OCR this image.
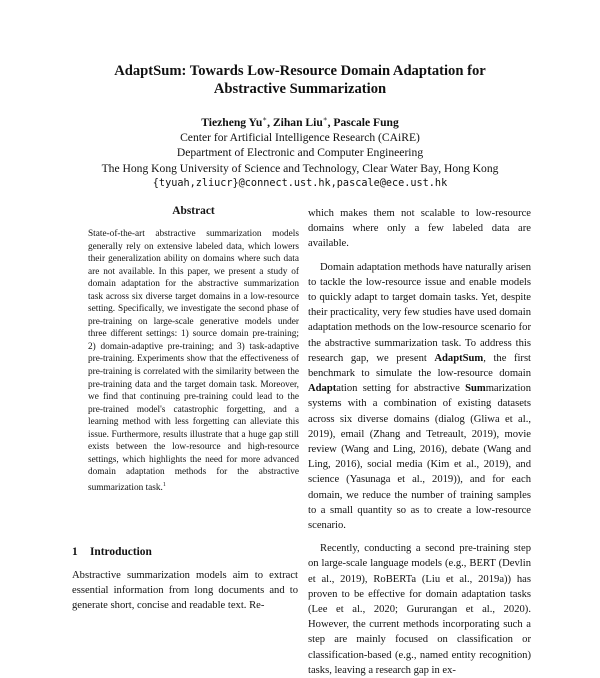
AdaptSum: Towards Low-Resource Domain Adaptation for
Abstractive Summarization
Tiezheng Yu∗, Zihan Liu∗, Pascale Fung
Center for Artificial Intelligence Research (CAiRE)
Department of Electronic and Computer Engineering
The Hong Kong University of Science and Technology, Clear Water Bay, Hong Kong
{tyuah,zliucr}@connect.ust.hk,pascale@ece.ust.hk
Abstract

State-of-the-art abstractive summarization models generally rely on extensive labeled data, which lowers their generalization ability on domains where such data are not available. In this paper, we present a study of domain adaptation for the abstractive summarization task across six diverse target domains in a low-resource setting. Specifically, we investigate the second phase of pre-training on large-scale generative models under three different settings: 1) source domain pre-training; 2) domain-adaptive pre-training; and 3) task-adaptive pre-training. Experiments show that the effectiveness of pre-training is correlated with the similarity between the pre-training data and the target domain task. Moreover, we find that continuing pre-training could lead to the pre-trained model's catastrophic forgetting, and a learning method with less forgetting can alleviate this issue. Furthermore, results illustrate that a huge gap still exists between the low-resource and high-resource settings, which highlights the need for more advanced domain adaptation methods for the abstractive summarization task.$^1$

1 Introduction

Abstractive summarization models aim to extract essential information from long documents and to generate short, concise and readable text. Re-

which makes them not scalable to low-resource domains where only a few labeled data are available.

Domain adaptation methods have naturally arisen to tackle the low-resource issue and enable models to quickly adapt to target domain tasks. Yet, despite their practicality, very few studies have used domain adaptation methods on the low-resource scenario for the abstractive summarization task. To address this research gap, we present AdaptSum, the first benchmark to simulate the low-resource domain Adaptation setting for abstractive Summarization systems with a combination of existing datasets across six diverse domains (dialog (Gliwa et al., 2019), email (Zhang and Tetreault, 2019), movie review (Wang and Ling, 2016), debate (Wang and Ling, 2016), social media (Kim et al., 2019), and science (Yasunaga et al., 2019)), and for each domain, we reduce the number of training samples to a small quantity so as to create a low-resource scenario.

Recently, conducting a second pre-training step on large-scale language models (e.g., BERT (Devlin et al., 2019), RoBERTa (Liu et al., 2019a)) has proven to be effective for domain adaptation tasks (Lee et al., 2020; Gururangan et al., 2020). However, the current methods incorporating such a step are mainly focused on classification or classification-based (e.g., named entity recognition) tasks, leaving a research gap in ex-
